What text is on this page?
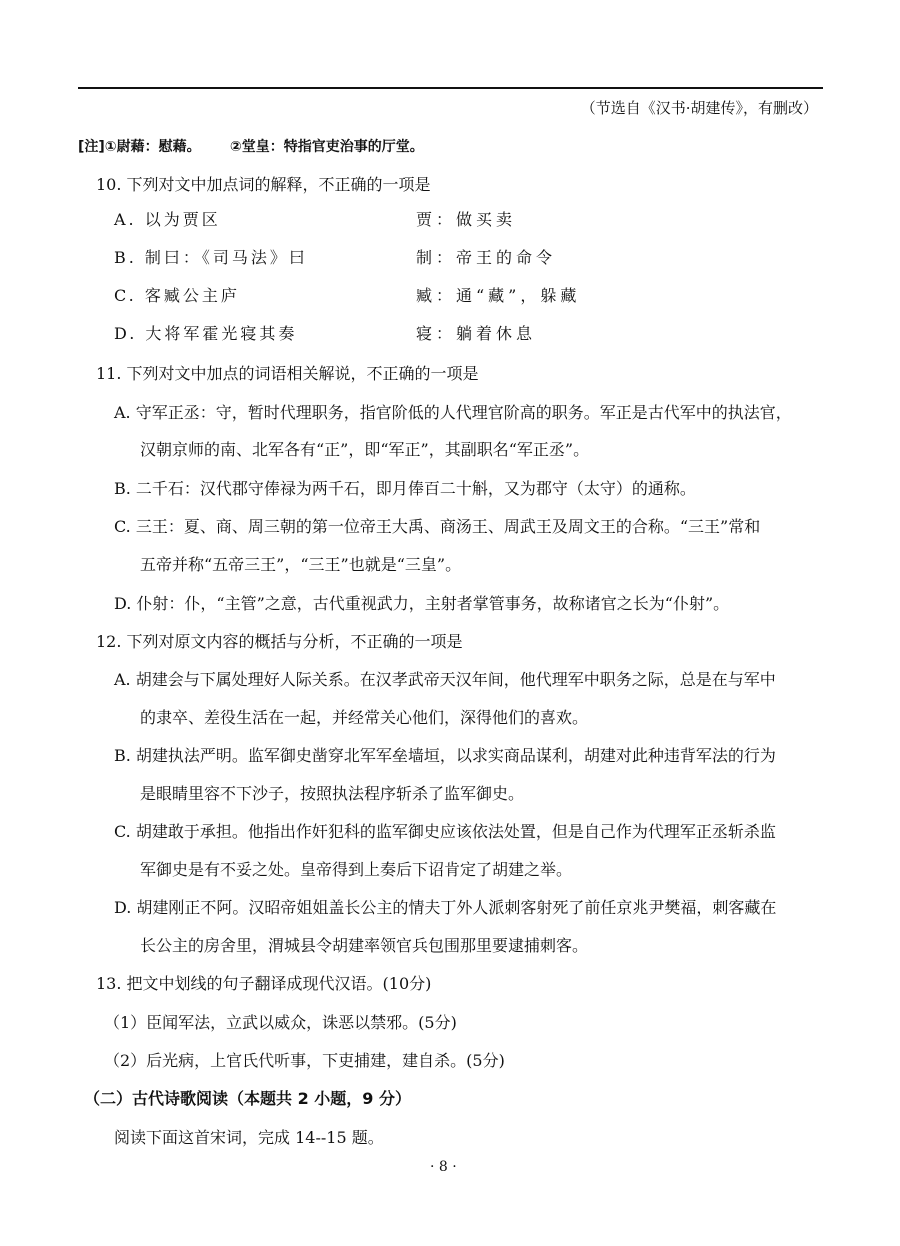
（节选自《汉书·胡建传》，有删改）
[注]①尉藉：慰藉。      ②堂皇：特指官吏治事的厅堂。
10. 下列对文中加点词的解释，不正确的一项是
A. 以为贾区	贾：做买卖
B. 制曰：《司马法》曰	制：帝王的命令
C. 客臧公主庐	臧：通“藏”，躲藏
D. 大将军霍光寝其奏	寝：躺着休息
11. 下列对文中加点的词语相关解说，不正确的一项是
A. 守军正丞：守，暂时代理职务，指官阶低的人代理官阶高的职务。军正是古代军中的执法官，
汉朝京师的南、北军各有“正”，即“军正”，其副职名“军正丞”。
B. 二千石：汉代郡守俸禄为两千石，即月俸百二十斛，又为郡守（太守）的通称。
C. 三王：夏、商、周三朝的第一位帝王大禹、商汤王、周武王及周文王的合称。“三王”常和
五帝并称“五帝三王”，“三王”也就是“三皇”。
D. 仆射：仆，“主管”之意，古代重视武力，主射者掌管事务，故称诸官之长为“仆射”。
12. 下列对原文内容的概括与分析，不正确的一项是
A. 胡建会与下属处理好人际关系。在汉孝武帝天汉年间，他代理军中职务之际，总是在与军中
的隶卒、差役生活在一起，并经常关心他们，深得他们的喜欢。
B. 胡建执法严明。监军御史凿穿北军军垒墙垣，以求实商品谋利，胡建对此种违背军法的行为
是眼睛里容不下沙子，按照执法程序斩杀了监军御史。
C. 胡建敢于承担。他指出作奸犯科的监军御史应该依法处置，但是自己作为代理军正丞斩杀监
军御史是有不妥之处。皇帝得到上奏后下诏肯定了胡建之举。
D. 胡建刚正不阿。汉昭帝姐姐盖长公主的情夫丁外人派刺客射死了前任京兆尹樊福，刺客藏在
长公主的房舍里，渭城县令胡建率领官兵包围那里要逮捕刺客。
13. 把文中划线的句子翻译成现代汉语。(10分)
（1）臣闻军法，立武以威众，诛恶以禁邪。(5分)
（2）后光病，上官氏代听事，下吏捕建，建自杀。(5分)
（二）古代诗歌阅读（本题共 2 小题，9 分）
阅读下面这首宋词，完成 14--15 题。
· 8 ·
